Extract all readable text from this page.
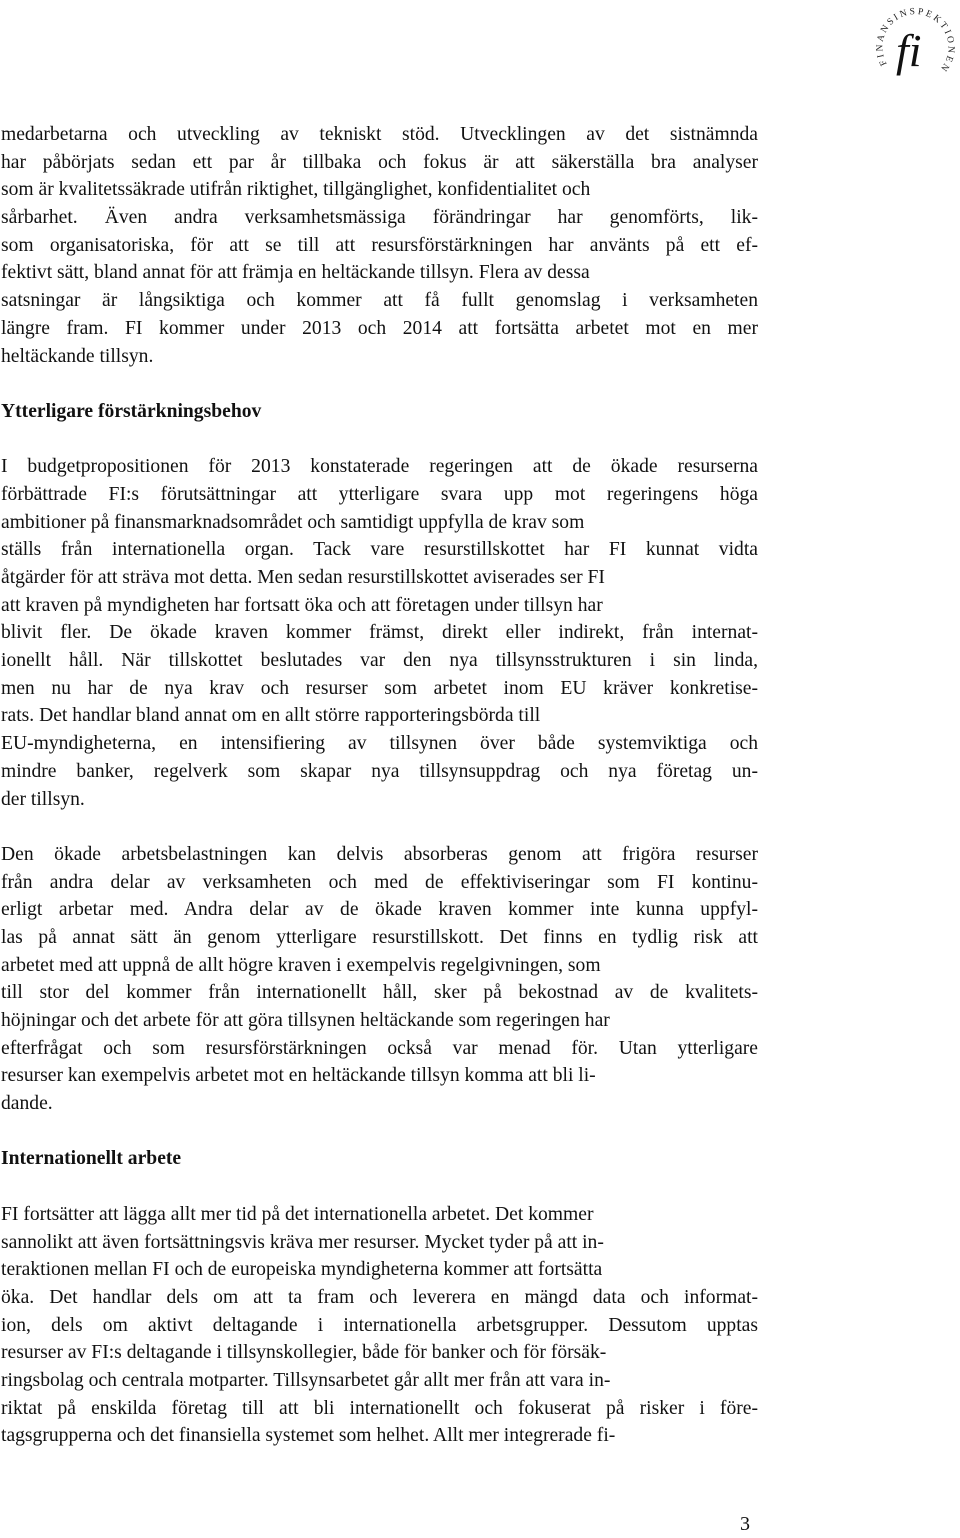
FINANSINSPEKTIONEN
fi
medarbetarna och utveckling av tekniskt stöd. Utvecklingen av det sistnämnda
har påbörjats sedan ett par år tillbaka och fokus är att säkerställa bra analyser
som är kvalitetssäkrade utifrån riktighet, tillgänglighet, konfidentialitet och
sårbarhet. Även andra verksamhetsmässiga förändringar har genomförts, lik-
som organisatoriska, för att se till att resursförstärkningen har använts på ett ef-
fektivt sätt, bland annat för att främja en heltäckande tillsyn. Flera av dessa
satsningar är långsiktiga och kommer att få fullt genomslag i verksamheten
längre fram. FI kommer under 2013 och 2014 att fortsätta arbetet mot en mer
heltäckande tillsyn.
Ytterligare förstärkningsbehov
I budgetpropositionen för 2013 konstaterade regeringen att de ökade resurserna
förbättrade FI:s förutsättningar att ytterligare svara upp mot regeringens höga
ambitioner på finansmarknadsområdet och samtidigt uppfylla de krav som
ställs från internationella organ. Tack vare resurstillskottet har FI kunnat vidta
åtgärder för att sträva mot detta. Men sedan resurstillskottet aviserades ser FI
att kraven på myndigheten har fortsatt öka och att företagen under tillsyn har
blivit fler. De ökade kraven kommer främst, direkt eller indirekt, från internat-
ionellt håll. När tillskottet beslutades var den nya tillsynsstrukturen i sin linda,
men nu har de nya krav och resurser som arbetet inom EU kräver konkretise-
rats. Det handlar bland annat om en allt större rapporteringsbörda till
EU-myndigheterna, en intensifiering av tillsynen över både systemviktiga och
mindre banker, regelverk som skapar nya tillsynsuppdrag och nya företag un-
der tillsyn.
Den ökade arbetsbelastningen kan delvis absorberas genom att frigöra resurser
från andra delar av verksamheten och med de effektiviseringar som FI kontinu-
erligt arbetar med. Andra delar av de ökade kraven kommer inte kunna uppfyl-
las på annat sätt än genom ytterligare resurstillskott. Det finns en tydlig risk att
arbetet med att uppnå de allt högre kraven i exempelvis regelgivningen, som
till stor del kommer från internationellt håll, sker på bekostnad av de kvalitets-
höjningar och det arbete för att göra tillsynen heltäckande som regeringen har
efterfrågat och som resursförstärkningen också var menad för. Utan ytterligare
resurser kan exempelvis arbetet mot en heltäckande tillsyn komma att bli li-
dande.
Internationellt arbete
FI fortsätter att lägga allt mer tid på det internationella arbetet. Det kommer
sannolikt att även fortsättningsvis kräva mer resurser. Mycket tyder på att in-
teraktionen mellan FI och de europeiska myndigheterna kommer att fortsätta
öka. Det handlar dels om att ta fram och leverera en mängd data och informat-
ion, dels om aktivt deltagande i internationella arbetsgrupper. Dessutom upptas
resurser av FI:s deltagande i tillsynskollegier, både för banker och för försäk-
ringsbolag och centrala motparter. Tillsynsarbetet går allt mer från att vara in-
riktat på enskilda företag till att bli internationellt och fokuserat på risker i före-
tagsgrupperna och det finansiella systemet som helhet. Allt mer integrerade fi-
3
